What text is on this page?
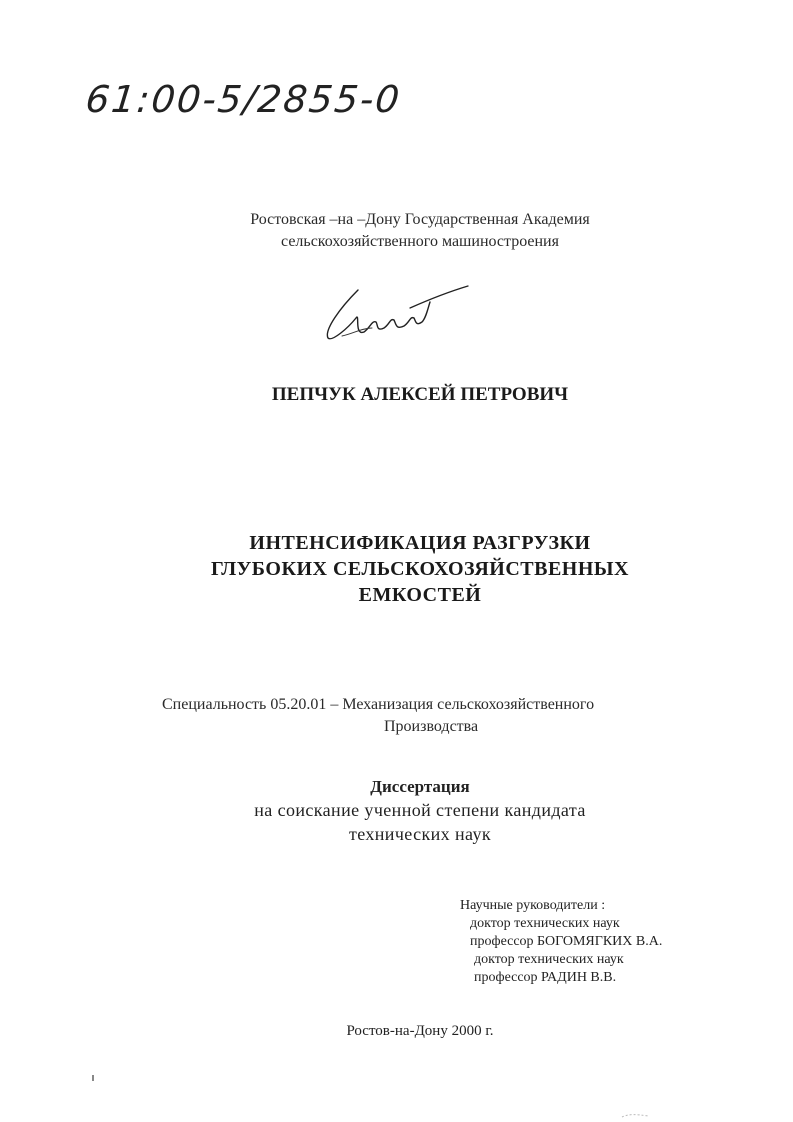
61:00-5/2855-0
Ростовская –на –Дону Государственная Академия
сельскохозяйственного машиностроения
ПЕПЧУК АЛЕКСЕЙ ПЕТРОВИЧ
ИНТЕНСИФИКАЦИЯ РАЗГРУЗКИ
ГЛУБОКИХ СЕЛЬСКОХОЗЯЙСТВЕННЫХ
ЕМКОСТЕЙ
Специальность 05.20.01 – Механизация сельскохозяйственного
Производства
Диссертация
на соискание ученной степени кандидата
технических наук
Научные руководители :
доктор технических наук
профессор БОГОМЯГКИХ В.А.
доктор технических наук
профессор РАДИН В.В.
Ростов-на-Дону 2000 г.
